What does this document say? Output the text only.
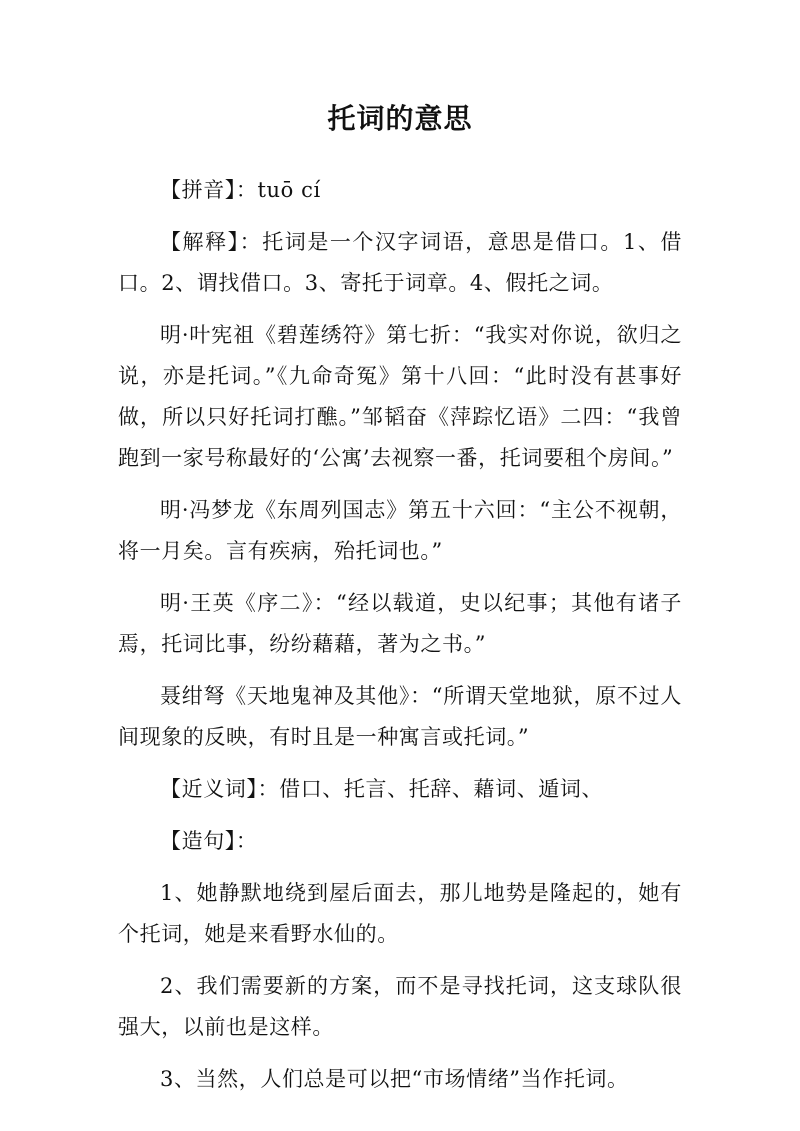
托词的意思

【拼音】：tuō cí

【解释】：托词是一个汉字词语，意思是借口。1、借口。2、谓找借口。3、寄托于词章。4、假托之词。

明·叶宪祖《碧莲绣符》第七折：“我实对你说，欲归之说，亦是托词。”《九命奇冤》第十八回：“此时没有甚事好做，所以只好托词打醮。”邹韬奋《萍踪忆语》二四：“我曾跑到一家号称最好的‘公寓’去视察一番，托词要租个房间。”

明·冯梦龙《东周列国志》第五十六回：“主公不视朝，将一月矣。言有疾病，殆托词也。”

明·王英《序二》：“经以载道，史以纪事；其他有诸子焉，托词比事，纷纷藉藉，著为之书。”

聂绀弩《天地鬼神及其他》：“所谓天堂地狱，原不过人间现象的反映，有时且是一种寓言或托词。”

【近义词】：借口、托言、托辞、藉词、遁词、

【造句】：

1、她静默地绕到屋后面去，那儿地势是隆起的，她有个托词，她是来看野水仙的。

2、我们需要新的方案，而不是寻找托词，这支球队很强大，以前也是这样。

3、当然，人们总是可以把“市场情绪”当作托词。
